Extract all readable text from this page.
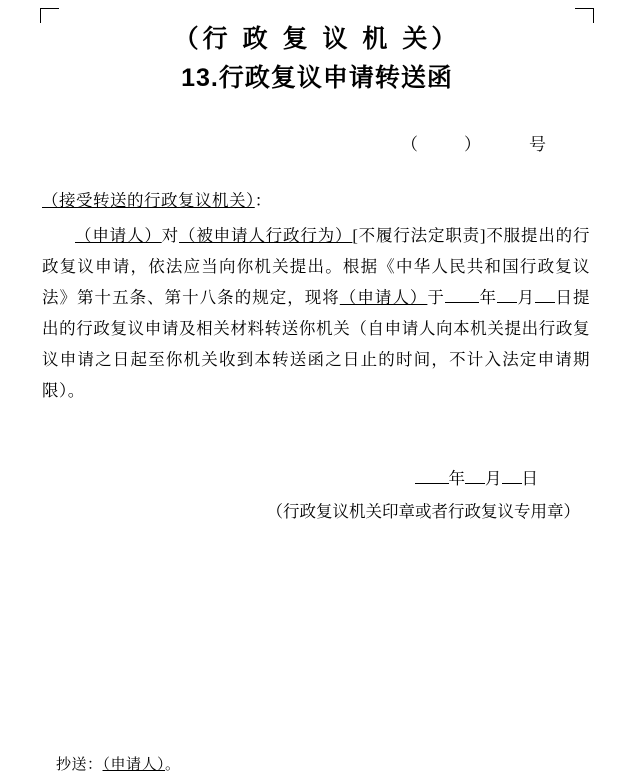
（行 政 复 议 机 关）
13.行政复议申请转送函
（	）	号
（接受转送的行政复议机关）：
（申请人）对（被申请人行政行为）[不履行法定职责]不服提出的行政复议申请，依法应当向你机关提出。根据《中华人民共和国行政复议法》第十五条、第十八条的规定，现将（申请人）于 年 月 日提出的行政复议申请及相关材料转送你机关（自申请人向本机关提出行政复议申请之日起至你机关收到本转送函之日止的时间，不计入法定申请期限）。
年 月 日
（行政复议机关印章或者行政复议专用章）
抄送：（申请人）。
